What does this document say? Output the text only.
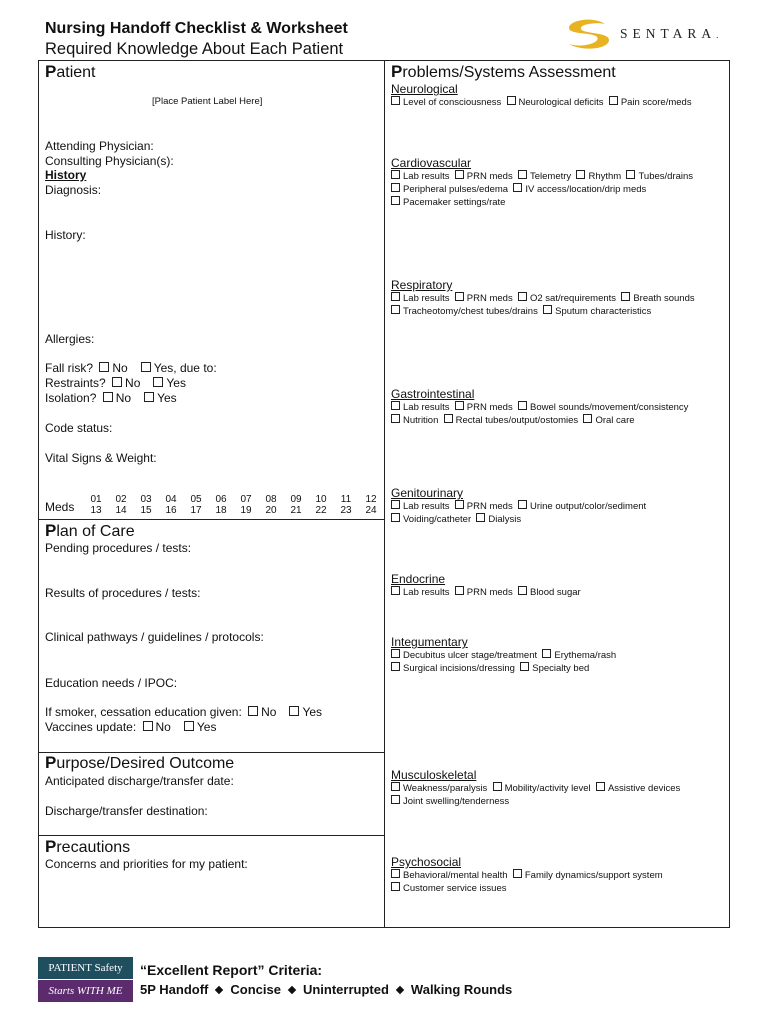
Nursing Handoff Checklist & Worksheet
Required Knowledge About Each Patient
SENTARA.
Patient
[Place Patient Label Here]
Attending Physician:
Consulting Physician(s):
History
Diagnosis:
History:
Allergies:
Fall risk? No Yes, due to:
Restraints? No Yes
Isolation? No Yes
Code status:
Vital Signs & Weight:
Meds
01
13
02
14
03
15
04
16
05
17
06
18
07
19
08
20
09
21
10
22
11
23
12
24
Plan of Care
Pending procedures / tests:
Results of procedures / tests:
Clinical pathways / guidelines / protocols:
Education needs / IPOC:
If smoker, cessation education given: No Yes
Vaccines update: No Yes
Purpose/Desired Outcome
Anticipated discharge/transfer date:
Discharge/transfer destination:
Precautions
Concerns and priorities for my patient:
Problems/Systems Assessment
Neurological
Level of consciousness Neurological deficits Pain score/meds
Cardiovascular
Lab results PRN meds Telemetry Rhythm Tubes/drains
Peripheral pulses/edema IV access/location/drip meds
Pacemaker settings/rate
Respiratory
Lab results PRN meds O2 sat/requirements Breath sounds
Tracheotomy/chest tubes/drains Sputum characteristics
Gastrointestinal
Lab results PRN meds Bowel sounds/movement/consistency
Nutrition Rectal tubes/output/ostomies Oral care
Genitourinary
Lab results PRN meds Urine output/color/sediment
Voiding/catheter Dialysis
Endocrine
Lab results PRN meds Blood sugar
Integumentary
Decubitus ulcer stage/treatment Erythema/rash
Surgical incisions/dressing Specialty bed
Musculoskeletal
Weakness/paralysis Mobility/activity level Assistive devices
Joint swelling/tenderness
Psychosocial
Behavioral/mental health Family dynamics/support system
Customer service issues
PATIENT Safety
Starts WITH ME
“Excellent Report” Criteria:
5P Handoff Concise Uninterrupted Walking Rounds
